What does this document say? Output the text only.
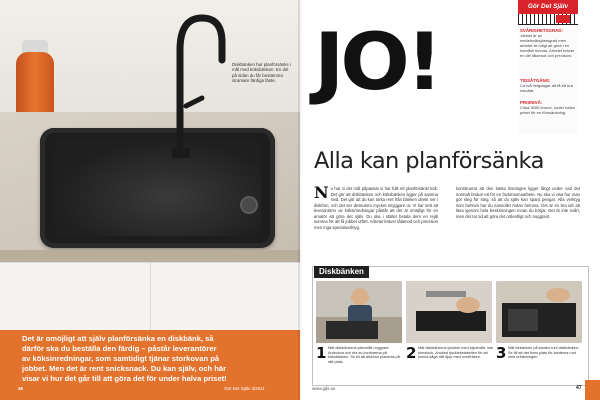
Diskbänken har planförsänks i mål med köksbänken. En del på sidan du får bestämma stramare färdiga fäste.
Det är omöjligt att själv planförsänka en diskbänk, så
därför ska du beställa den färdig – påstår leverantörer
av köksinredningar, som samtidigt tjänar storkovan på
jobbet. Men det är rent snicksnack. Du kan själv, och här
visar vi hur det går till att göra det för under halva priset!
46	Gör Det Själv 4/2011
JO!
Alla kan planförsänka
Gör Det Själv
SVÅRIGHETSGRAD:
Jobbet är av medelsvårighetsgrad men arbetet är roligt att göra i en handfull timmar. Arbetet kräver en del tålamod och precision.
TIDSÅTGÅNG:
Ca två helgdagar att få ett bra resultat.
PRISNIVÅ:
Cirka 3000 kronor, under halva priset för en förnsänkning.
N u har vi det mål påpassat vi har fullt ett planförsänkt kök. Det gör att diskbänken och köksbänken ligger på samma nivå. Det gör att du kan torka rent från bänken direkt ner i diskhon, och det ser dessutom mycket snyggare ut. Vi har sett att leverantörer av köksinredningar påstår att det är omöjligt för en amatör att göra det själv. Du ska i stället betala dem en rejäl summa för att få jobbet utfört. Arbetet kräver tålamod och precision men inga specialverktyg.
konstruerar att den bästa lösningen ligger långt under vad det normalt brukar ett för en fackmannaarbete. Nu ska vi visa hur man gör steg för steg, så att du själv kan spara pengar. Alla verktyg som behövs har du sannolikt redan hemma. Det är en bra idé att läsa igenom hela beskrivningen innan du börjar. Det är inte svårt, men det tar tid att göra det ordentligt och noggrant.
Diskbänken
1 Mät diskbänkens yttermått noggrant. Anteckna och rita av konturerna på köksbänken. Se till att diskhon placeras på rätt plats.	2 Mät diskbänkens tjocklek med skjutmått, inte tumstock. Använd tjocklekstabellen för att kunna såga rätt djup med overfräsen.	3 Mät förbänken på kanten runt diskbänken. Se till att det finns plats för kanterna runt hela urfräsningen.
www.gds.se	47
